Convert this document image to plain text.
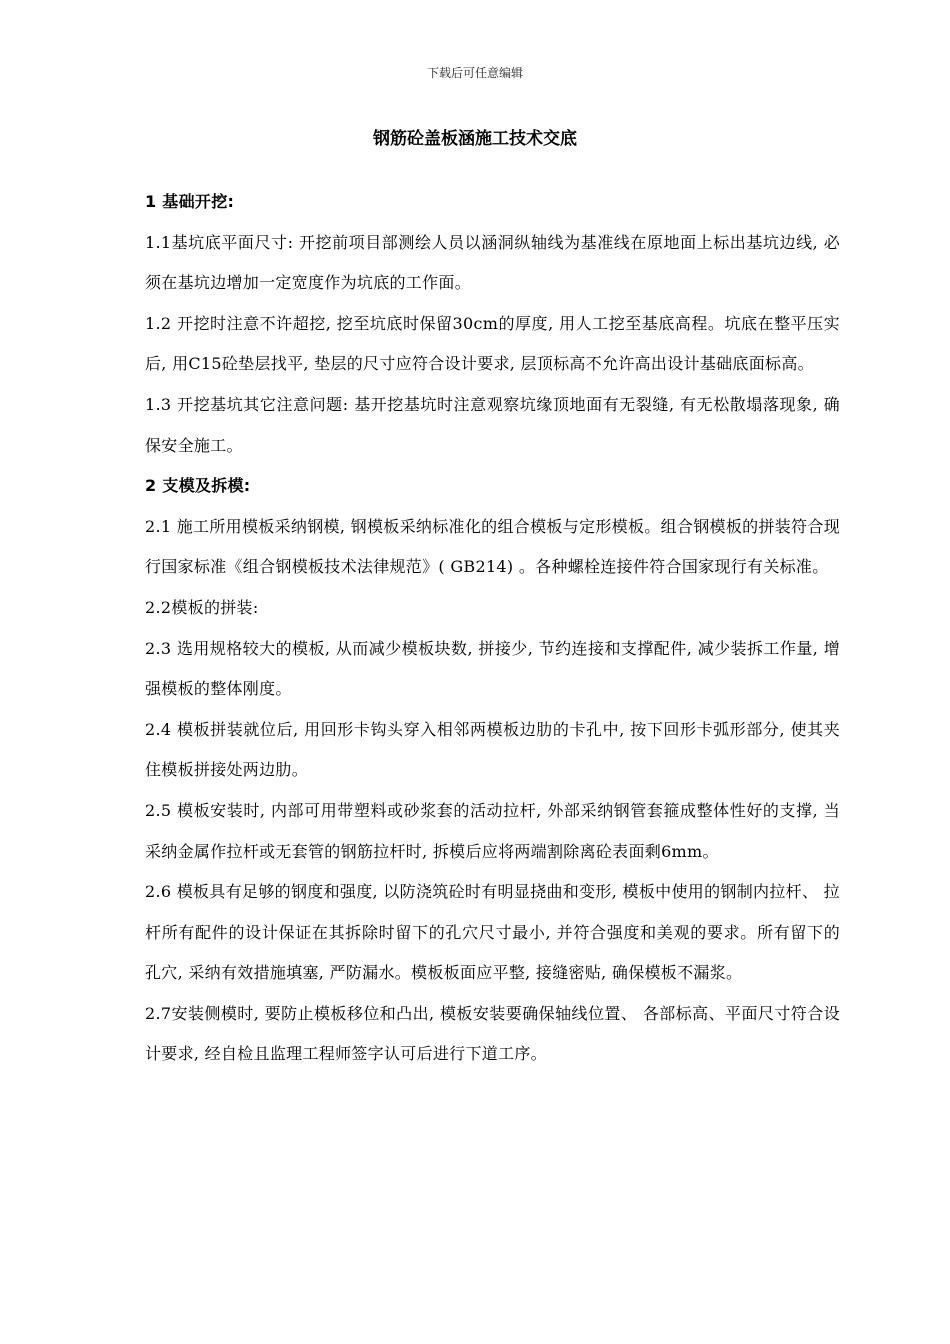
下载后可任意编辑
钢筋砼盖板涵施工技术交底

1 基础开挖:

1.1基坑底平面尺寸: 开挖前项目部测绘人员以涵洞纵轴线为基准线在原地面上标出基坑边线, 必须在基坑边增加一定宽度作为坑底的工作面。

1.2 开挖时注意不许超挖, 挖至坑底时保留30cm的厚度, 用人工挖至基底高程。坑底在整平压实后, 用C15砼垫层找平, 垫层的尺寸应符合设计要求, 层顶标高不允许高出设计基础底面标高。

1.3 开挖基坑其它注意问题: 基开挖基坑时注意观察坑缘顶地面有无裂缝, 有无松散塌落现象, 确保安全施工。

2 支模及拆模:

2.1 施工所用模板采纳钢模, 钢模板采纳标准化的组合模板与定形模板。组合钢模板的拼装符合现行国家标准《组合钢模板技术法律规范》( GB214) 。各种螺栓连接件符合国家现行有关标准。

2.2模板的拼装:

2.3 选用规格较大的模板, 从而减少模板块数, 拼接少, 节约连接和支撑配件, 减少装拆工作量, 增强模板的整体刚度。

2.4 模板拼装就位后, 用回形卡钩头穿入相邻两模板边肋的卡孔中, 按下回形卡弧形部分, 使其夹住模板拼接处两边肋。

2.5 模板安装时, 内部可用带塑料或砂浆套的活动拉杆, 外部采纳钢管套箍成整体性好的支撑, 当采纳金属作拉杆或无套管的钢筋拉杆时, 拆模后应将两端割除离砼表面剩6mm。

2.6 模板具有足够的钢度和强度, 以防浇筑砼时有明显挠曲和变形, 模板中使用的钢制内拉杆、 拉杆所有配件的设计保证在其拆除时留下的孔穴尺寸最小, 并符合强度和美观的要求。所有留下的孔穴, 采纳有效措施填塞, 严防漏水。模板板面应平整, 接缝密贴, 确保模板不漏浆。

2.7安装侧模时, 要防止模板移位和凸出, 模板安装要确保轴线位置、 各部标高、平面尺寸符合设计要求, 经自检且监理工程师签字认可后进行下道工序。
